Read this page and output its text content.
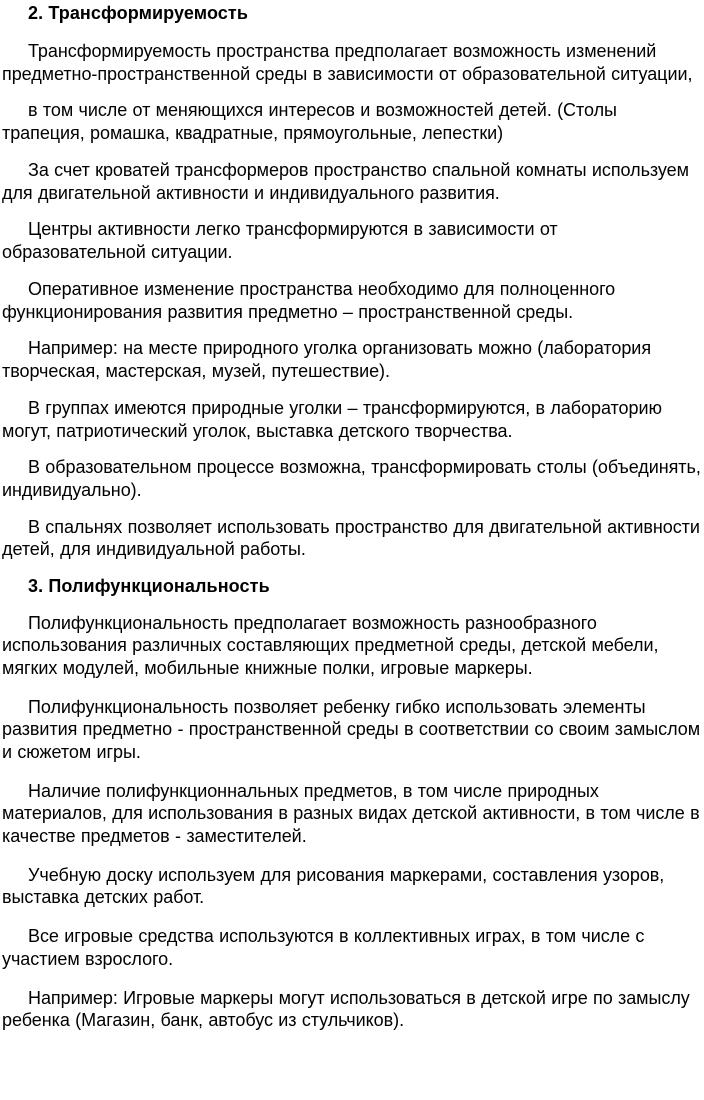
2. Трансформируемость

Трансформируемость пространства предполагает возможность изменений предметно-пространственной среды в зависимости от образовательной ситуации,

в том числе от меняющихся интересов и возможностей детей. (Столы трапеция, ромашка, квадратные, прямоугольные, лепестки)

За счет кроватей трансформеров пространство спальной комнаты используем для двигательной активности и индивидуального развития.

Центры активности легко трансформируются в зависимости от образовательной ситуации.

Оперативное изменение пространства необходимо для полноценного функционирования развития предметно – пространственной среды.

Например: на месте природного уголка организовать можно (лаборатория творческая, мастерская, музей, путешествие).

В группах имеются природные уголки – трансформируются, в лабораторию могут, патриотический уголок, выставка детского творчества.

В образовательном процессе возможна, трансформировать столы (объединять, индивидуально).

В спальнях позволяет использовать пространство для двигательной активности детей, для индивидуальной работы.

3. Полифункциональность

Полифункциональность предполагает возможность разнообразного использования различных составляющих предметной среды, детской мебели, мягких модулей, мобильные книжные полки, игровые маркеры.

Полифункциональность позволяет ребенку гибко использовать элементы развития предметно - пространственной среды в соответствии со своим замыслом и сюжетом игры.

Наличие полифункционнальных предметов, в том числе природных материалов, для использования в разных видах детской активности, в том числе в качестве предметов - заместителей.

Учебную доску используем для рисования маркерами, составления узоров, выставка детских работ.

Все игровые средства используются в коллективных играх, в том числе с участием взрослого.

Например: Игровые маркеры могут использоваться в детской игре по замыслу ребенка (Магазин, банк, автобус из стульчиков).
